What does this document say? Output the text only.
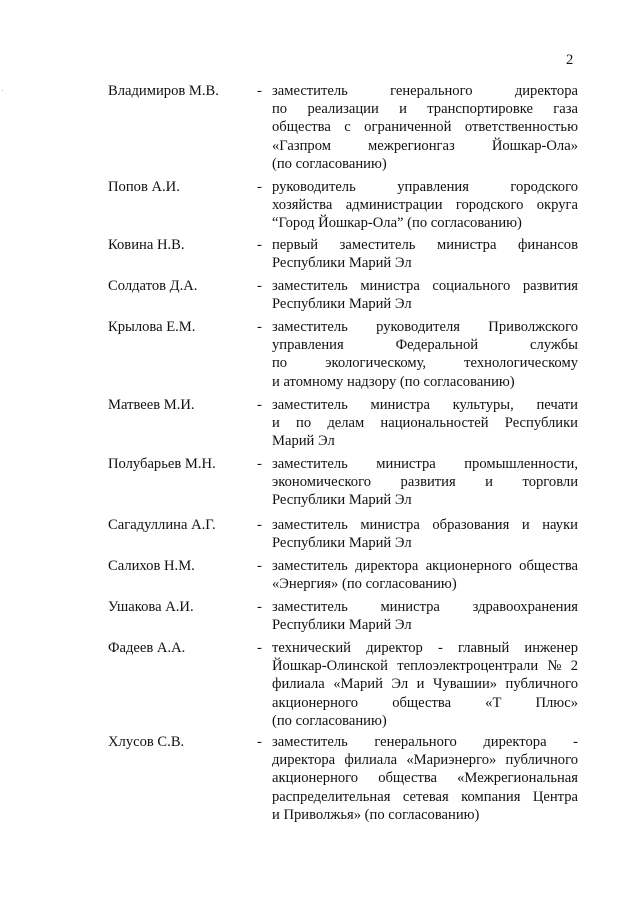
2
Владимиров М.В.	- заместитель генерального директора
по реализации и транспортировке газа
общества с ограниченной ответственностью
«Газпром межрегионгаз Йошкар-Ола»
(по согласованию)
Попов А.И.	- руководитель управления городского
хозяйства администрации городского округа
“Город Йошкар-Ола” (по согласованию)
Ковина Н.В.	- первый заместитель министра финансов
Республики Марий Эл
Солдатов Д.А.	- заместитель министра социального развития
Республики Марий Эл
Крылова Е.М.	- заместитель руководителя Приволжского
управления Федеральной службы
по экологическому, технологическому
и атомному надзору (по согласованию)
Матвеев М.И.	- заместитель министра культуры, печати
и по делам национальностей Республики
Марий Эл
Полубарьев М.Н.	- заместитель министра промышленности,
экономического развития и торговли
Республики Марий Эл
Сагадуллина А.Г.	- заместитель министра образования и науки
Республики Марий Эл
Салихов Н.М.	- заместитель директора акционерного общества
«Энергия» (по согласованию)
Ушакова А.И.	- заместитель министра здравоохранения
Республики Марий Эл
Фадеев А.А.	- технический директор - главный инженер
Йошкар-Олинской теплоэлектроцентрали № 2
филиала «Марий Эл и Чувашии» публичного
акционерного общества «Т Плюс»
(по согласованию)
Хлусов С.В.	- заместитель генерального директора -
директора филиала «Мариэнерго» публичного
акционерного общества «Межрегиональная
распределительная сетевая компания Центра
и Приволжья» (по согласованию)
